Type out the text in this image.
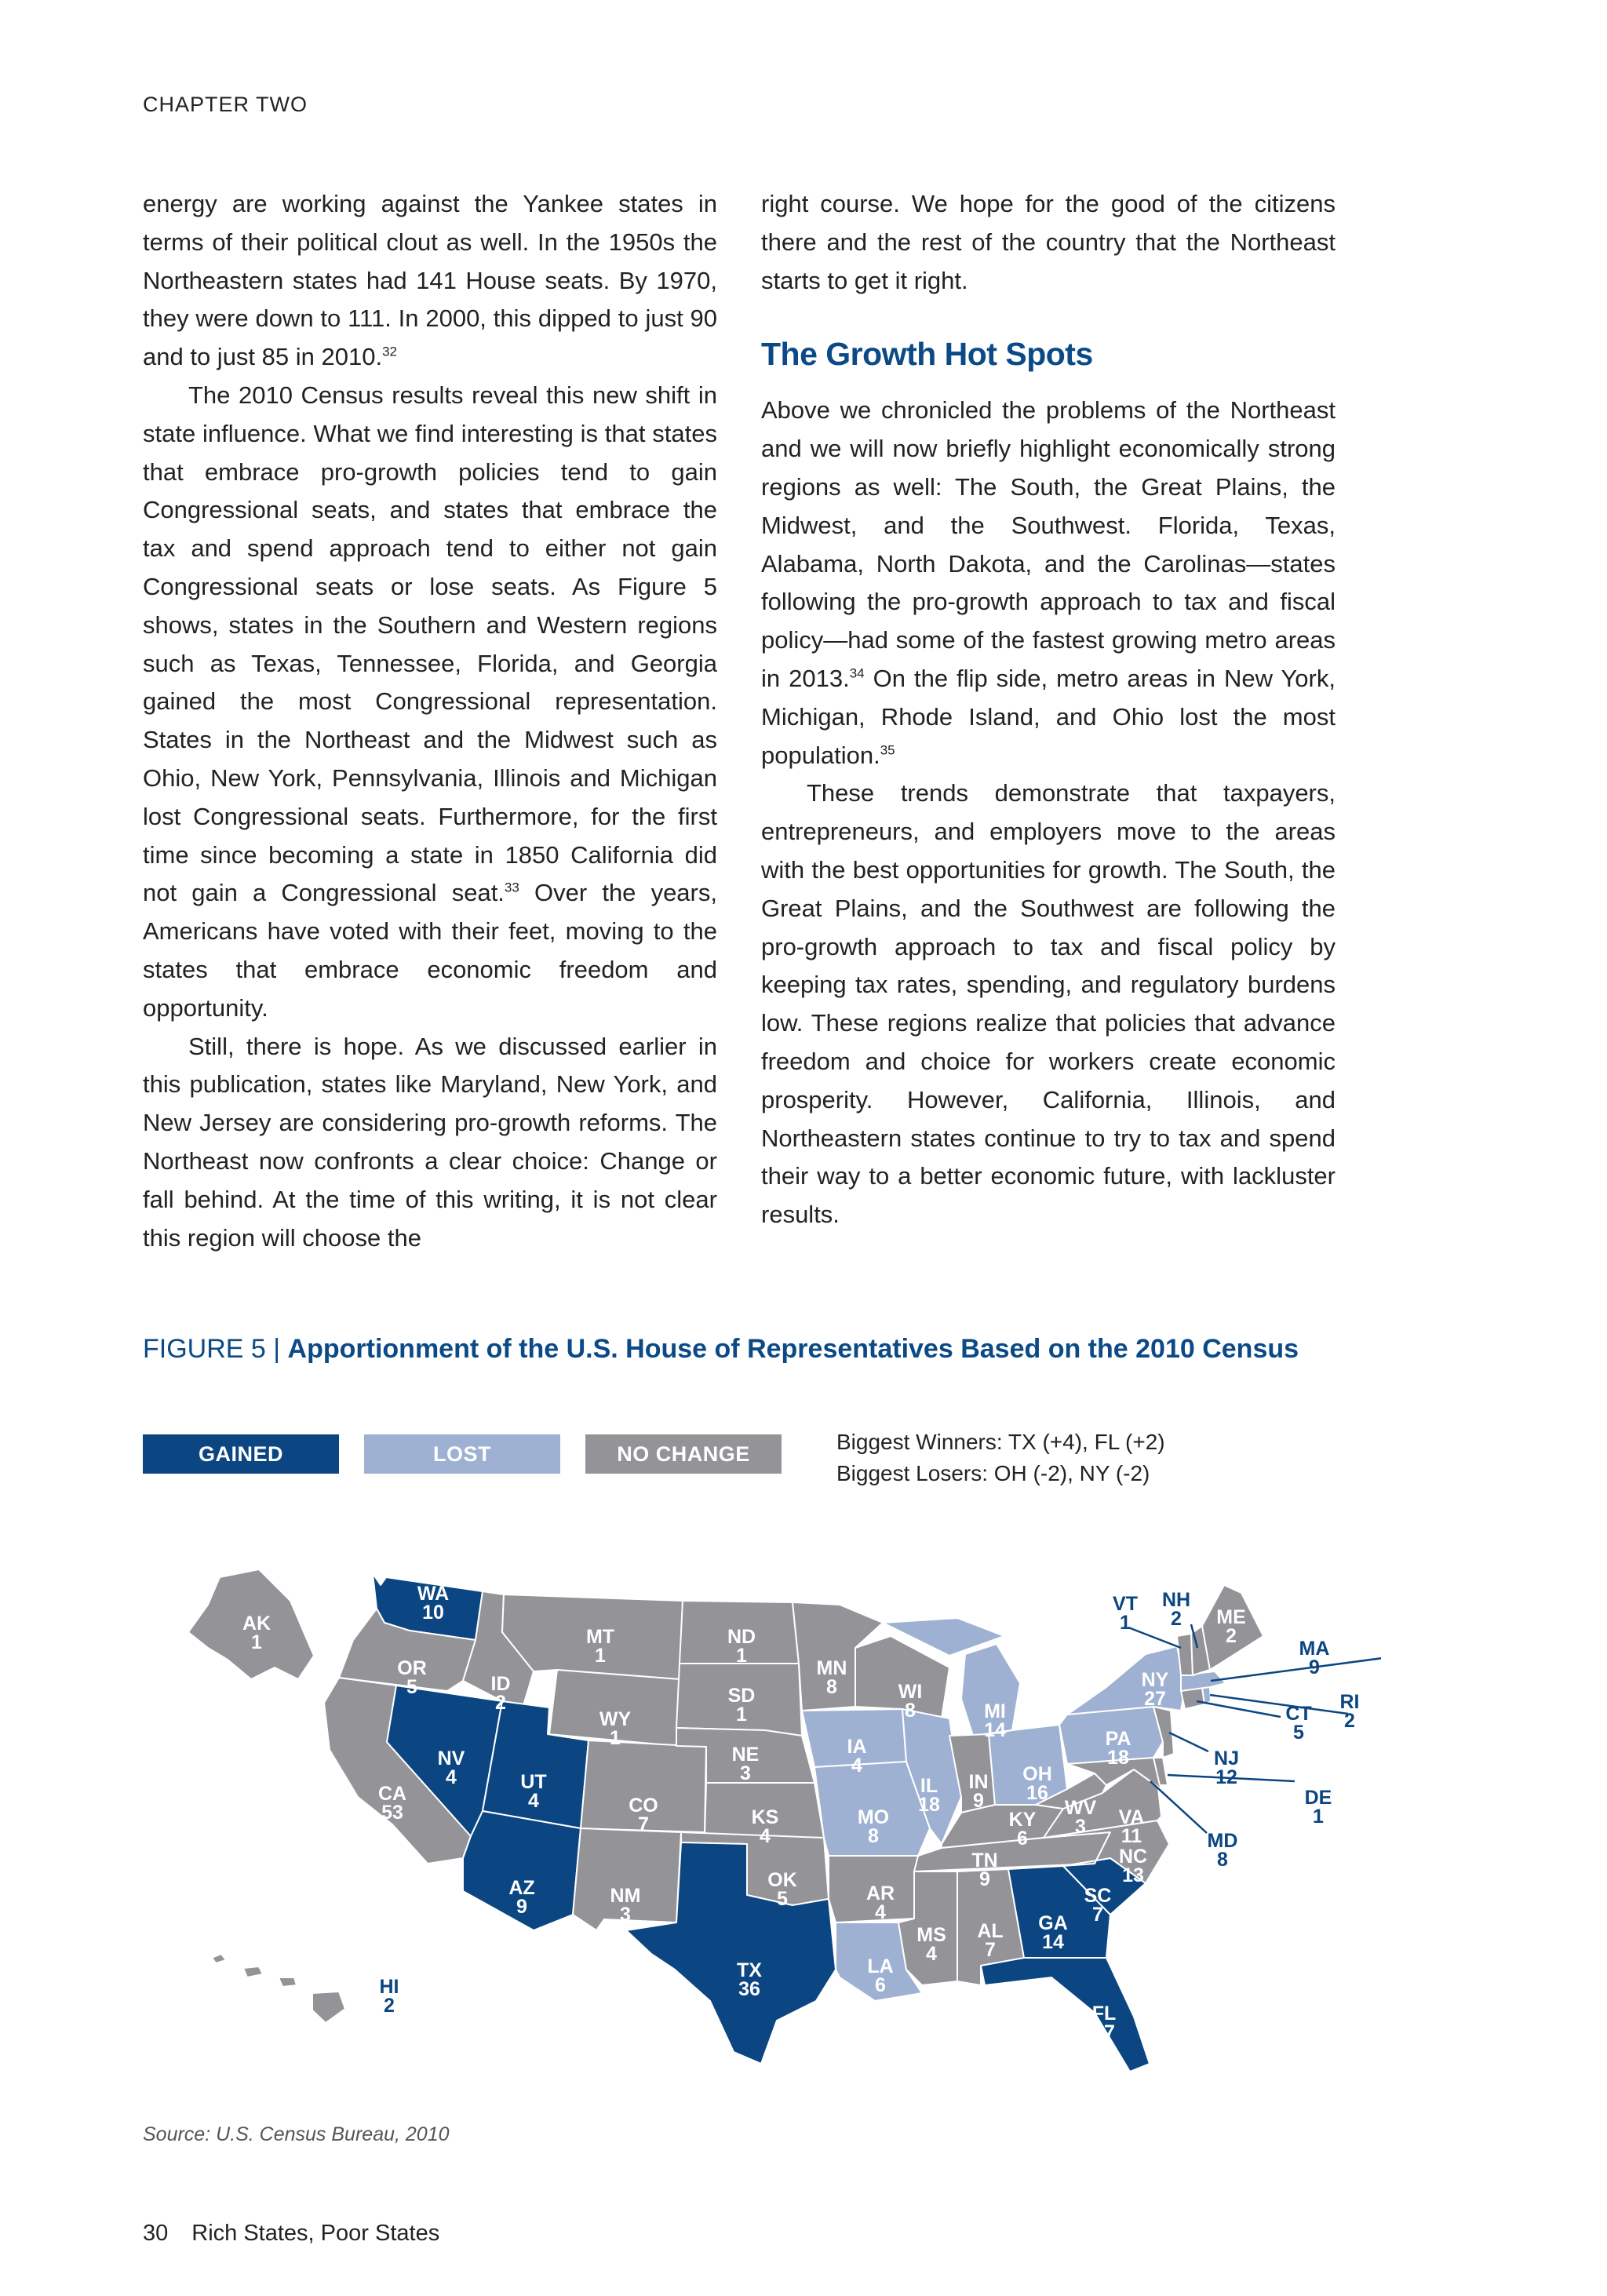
CHAPTER TWO

energy are working against the Yankee states in terms of their political clout as well. In the 1950s the Northeastern states had 141 House seats. By 1970, they were down to 111. In 2000, this dipped to just 90 and to just 85 in 2010.32

The 2010 Census results reveal this new shift in state influence. What we find interesting is that states that embrace pro-growth policies tend to gain Congressional seats, and states that embrace the tax and spend approach tend to either not gain Congressional seats or lose seats. As Figure 5 shows, states in the Southern and Western regions such as Texas, Tennessee, Florida, and Georgia gained the most Congressional representation. States in the Northeast and the Midwest such as Ohio, New York, Pennsylvania, Illinois and Michigan lost Congressional seats. Furthermore, for the first time since becoming a state in 1850 California did not gain a Congressional seat.$^{33}$ Over the years, Americans have voted with their feet, moving to the states that embrace economic freedom and opportunity.

Still, there is hope. As we discussed earlier in this publication, states like Maryland, New York, and New Jersey are considering pro-growth reforms. The Northeast now confronts a clear choice: Change or fall behind. At the time of this writing, it is not clear this region will choose the

right course. We hope for the good of the citizens there and the rest of the country that the Northeast starts to get it right.

The Growth Hot Spots

Above we chronicled the problems of the Northeast and we will now briefly highlight economically strong regions as well: The South, the Great Plains, the Midwest, and the Southwest. Florida, Texas, Alabama, North Dakota, and the Carolinas—states following the pro-growth approach to tax and fiscal policy—had some of the fastest growing metro areas in 2013.34 On the flip side, metro areas in New York, Michigan, Rhode Island, and Ohio lost the most population.$^{35}$

These trends demonstrate that taxpayers, entrepreneurs, and employers move to the areas with the best opportunities for growth. The South, the Great Plains, and the Southwest are following the pro-growth approach to tax and fiscal policy by keeping tax rates, spending, and regulatory burdens low. These regions realize that policies that advance freedom and choice for workers create economic prosperity. However, California, Illinois, and Northeastern states continue to try to tax and spend their way to a better economic future, with lackluster results.

FIGURE 5 | Apportionment of the U.S. House of Representatives Based on the 2010 Census
GAINED	LOST	NO CHANGE	Biggest Winners: TX (+4), FL (+2)
Biggest Losers: OH (-2), NY (-2)
AK
1
HI
2
WA
10
OR
5
CA
53
ID
2
NV
4
MT
1
WY
1
UT
4
AZ
9
CO
7
NM
3
ND
1
SD
1
NE
3
KS
4
OK
5
TX
36
MN
8
IA
4
MO
8
AR
4
LA
6
WI
8
IL
18
MI
14
IN
9
OH
16
KY
6
TN
9
MS
4
AL
7
GA
14
FL
27
SC
7
NC
13
VA
11
WV
3
PA
18
NY
27
VT
1
NH
2 ME
2
MA
9
RI
2
CT
5
NJ
12
DE
1
MD
8
Source: U.S. Census Bureau, 2010
30 Rich States, Poor States
